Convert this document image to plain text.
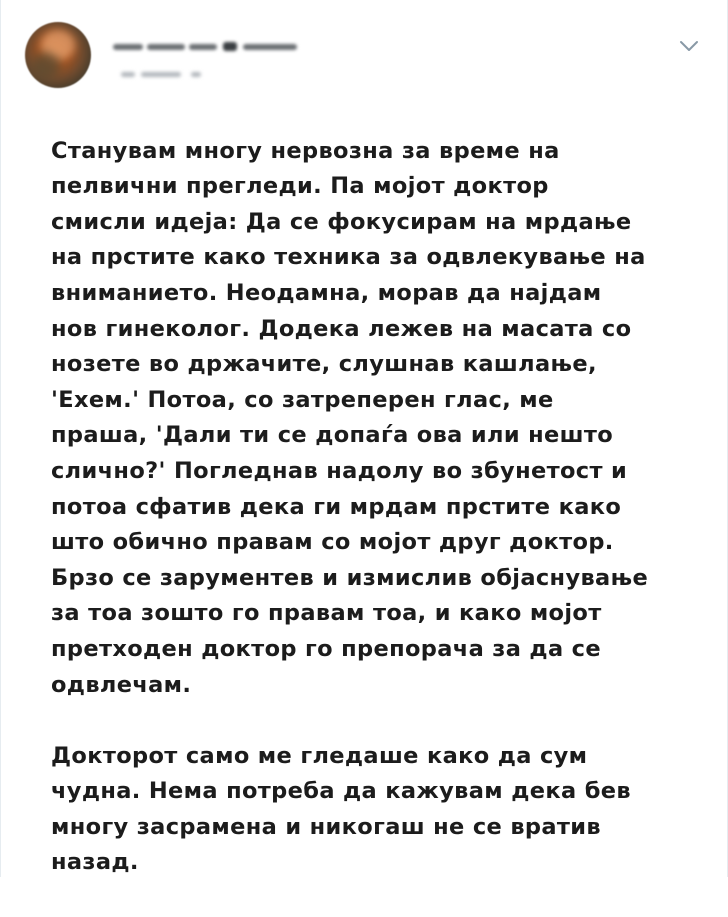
Станувам многу нервозна за време на
пелвични прегледи. Па мојот доктор
смисли идеја: Да се фокусирам на мрдање
на прстите како техника за одвлекување на
вниманието. Неодамна, морав да најдам
нов гинеколог. Додека лежев на масата со
нозете во држачите, слушнав кашлање,
'Ехем.' Потоа, со затреперен глас, ме
праша, 'Дали ти се допаѓа ова или нешто
слично?' Погледнав надолу во збунетост и
потоа сфатив дека ги мрдам прстите како
што обично правам со мојот друг доктор.
Брзо се зарументев и измислив објаснување
за тоа зошто го правам тоа, и како мојот
претходен доктор го препорача за да се
одвлечам.

Докторот само ме гледаше како да сум
чудна. Нема потреба да кажувам дека бев
многу засрамена и никогаш не се вратив
назад.
